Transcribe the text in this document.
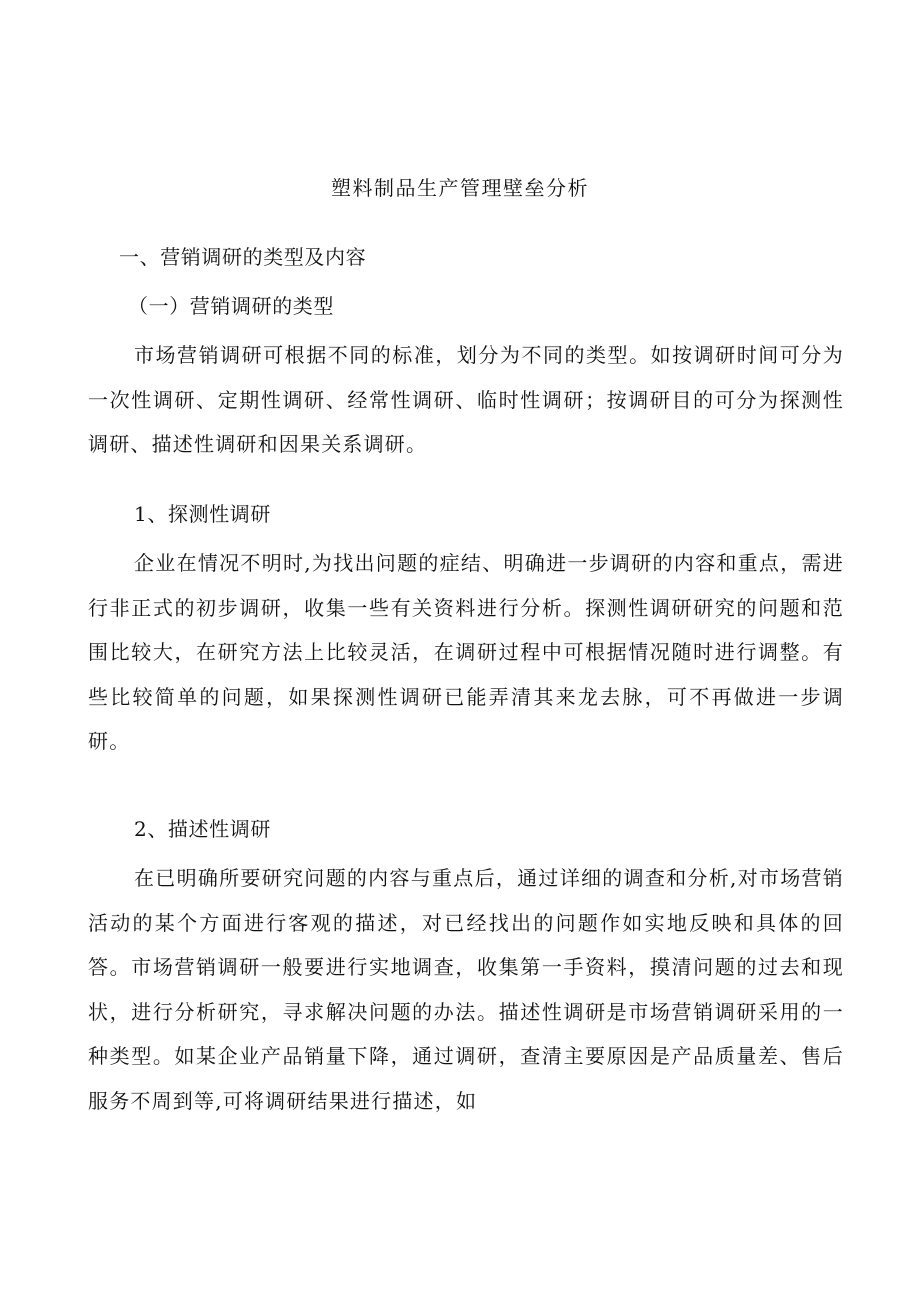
塑料制品生产管理壁垒分析
一、营销调研的类型及内容
（一）营销调研的类型
市场营销调研可根据不同的标准，划分为不同的类型。如按调研时间可分为一次性调研、定期性调研、经常性调研、临时性调研；按调研目的可分为探测性调研、描述性调研和因果关系调研。
1、探测性调研
企业在情况不明时,为找出问题的症结、明确进一步调研的内容和重点，需进行非正式的初步调研，收集一些有关资料进行分析。探测性调研研究的问题和范围比较大，在研究方法上比较灵活，在调研过程中可根据情况随时进行调整。有些比较简单的问题，如果探测性调研已能弄清其来龙去脉，可不再做进一步调研。
2、描述性调研
在已明确所要研究问题的内容与重点后，通过详细的调查和分析,对市场营销活动的某个方面进行客观的描述，对已经找出的问题作如实地反映和具体的回答。市场营销调研一般要进行实地调查，收集第一手资料，摸清问题的过去和现状，进行分析研究，寻求解决问题的办法。描述性调研是市场营销调研采用的一种类型。如某企业产品销量下降，通过调研，查清主要原因是产品质量差、售后服务不周到等,可将调研结果进行描述，如
